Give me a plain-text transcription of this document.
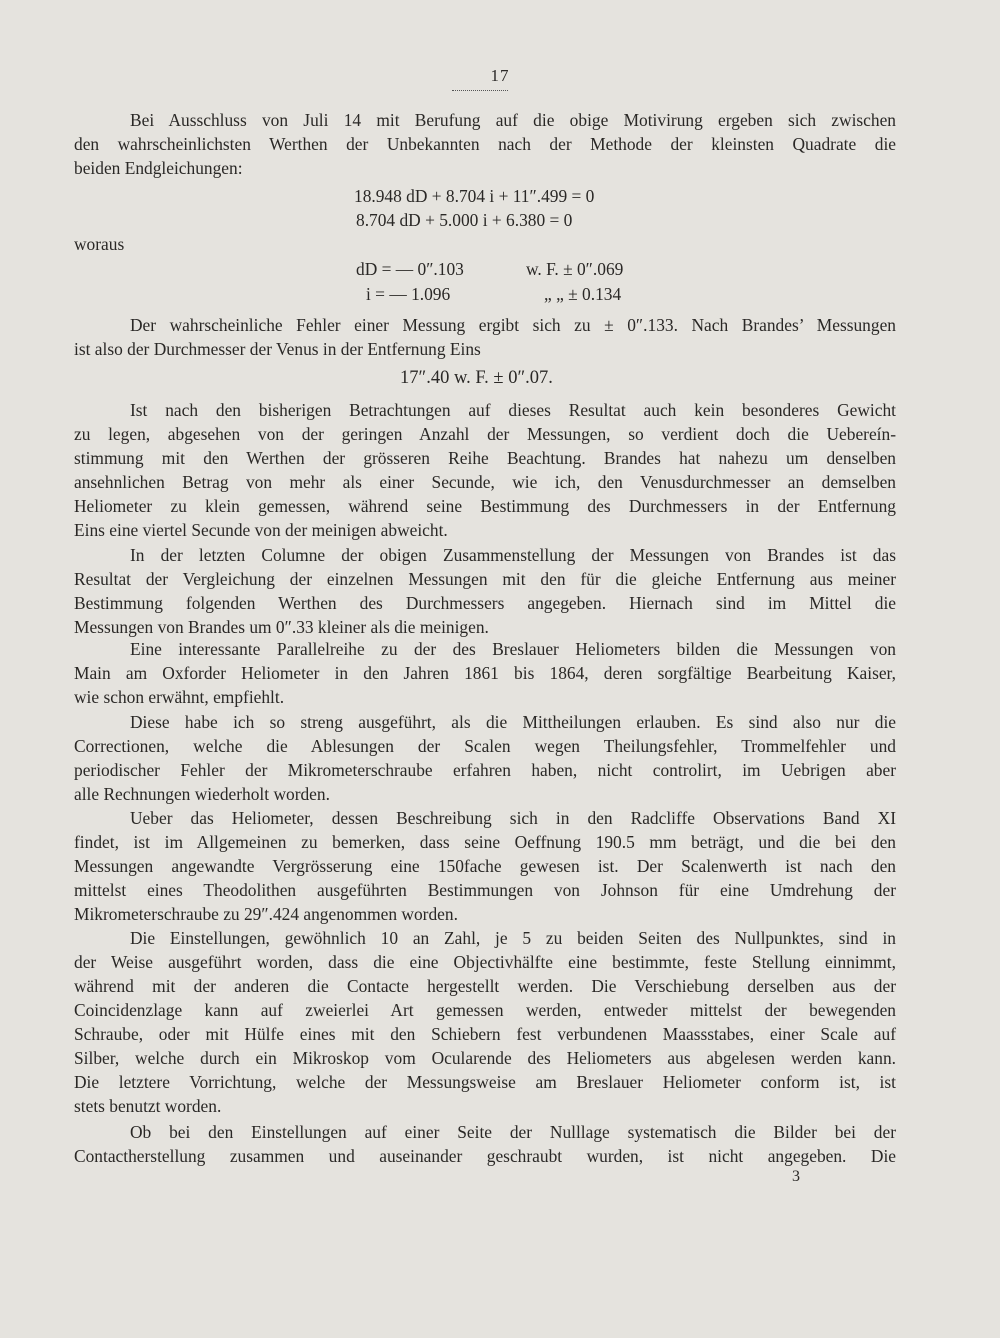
17
Bei Ausschluss von Juli 14 mit Berufung auf die obige Motivirung ergeben sich zwischen
den wahrscheinlichsten Werthen der Unbekannten nach der Methode der kleinsten Quadrate die
beiden Endgleichungen:
18.948 dD + 8.704 i + 11″.499 = 0
8.704 dD + 5.000 i + 6.380 = 0
woraus
dD = — 0″.103	w. F. ± 0″.069
i = — 1.096	„ „ ± 0.134
Der wahrscheinliche Fehler einer Messung ergibt sich zu ± 0″.133. Nach Brandes’ Messungen
ist also der Durchmesser der Venus in der Entfernung Eins
17″.40 w. F. ± 0″.07.
Ist nach den bisherigen Betrachtungen auf dieses Resultat auch kein besonderes Gewicht
zu legen, abgesehen von der geringen Anzahl der Messungen, so verdient doch die Uebereín-
stimmung mit den Werthen der grösseren Reihe Beachtung. Brandes hat nahezu um denselben
ansehnlichen Betrag von mehr als einer Secunde, wie ich, den Venusdurchmesser an demselben
Heliometer zu klein gemessen, während seine Bestimmung des Durchmessers in der Entfernung
Eins eine viertel Secunde von der meinigen abweicht.
In der letzten Columne der obigen Zusammenstellung der Messungen von Brandes ist das
Resultat der Vergleichung der einzelnen Messungen mit den für die gleiche Entfernung aus meiner
Bestimmung folgenden Werthen des Durchmessers angegeben. Hiernach sind im Mittel die
Messungen von Brandes um 0″.33 kleiner als die meinigen.
Eine interessante Parallelreihe zu der des Breslauer Heliometers bilden die Messungen von
Main am Oxforder Heliometer in den Jahren 1861 bis 1864, deren sorgfältige Bearbeitung Kaiser,
wie schon erwähnt, empfiehlt.
Diese habe ich so streng ausgeführt, als die Mittheilungen erlauben. Es sind also nur die
Correctionen, welche die Ablesungen der Scalen wegen Theilungsfehler, Trommelfehler und
periodischer Fehler der Mikrometerschraube erfahren haben, nicht controlirt, im Uebrigen aber
alle Rechnungen wiederholt worden.
Ueber das Heliometer, dessen Beschreibung sich in den Radcliffe Observations Band XI
findet, ist im Allgemeinen zu bemerken, dass seine Oeffnung 190.5 mm beträgt, und die bei den
Messungen angewandte Vergrösserung eine 150fache gewesen ist. Der Scalenwerth ist nach den
mittelst eines Theodolithen ausgeführten Bestimmungen von Johnson für eine Umdrehung der
Mikrometerschraube zu 29″.424 angenommen worden.
Die Einstellungen, gewöhnlich 10 an Zahl, je 5 zu beiden Seiten des Nullpunktes, sind in
der Weise ausgeführt worden, dass die eine Objectivhälfte eine bestimmte, feste Stellung einnimmt,
während mit der anderen die Contacte hergestellt werden. Die Verschiebung derselben aus der
Coincidenzlage kann auf zweierlei Art gemessen werden, entweder mittelst der bewegenden
Schraube, oder mit Hülfe eines mit den Schiebern fest verbundenen Maassstabes, einer Scale auf
Silber, welche durch ein Mikroskop vom Ocularende des Heliometers aus abgelesen werden kann.
Die letztere Vorrichtung, welche der Messungsweise am Breslauer Heliometer conform ist, ist
stets benutzt worden.
Ob bei den Einstellungen auf einer Seite der Nulllage systematisch die Bilder bei der
Contactherstellung zusammen und auseinander geschraubt wurden, ist nicht angegeben. Die
3
